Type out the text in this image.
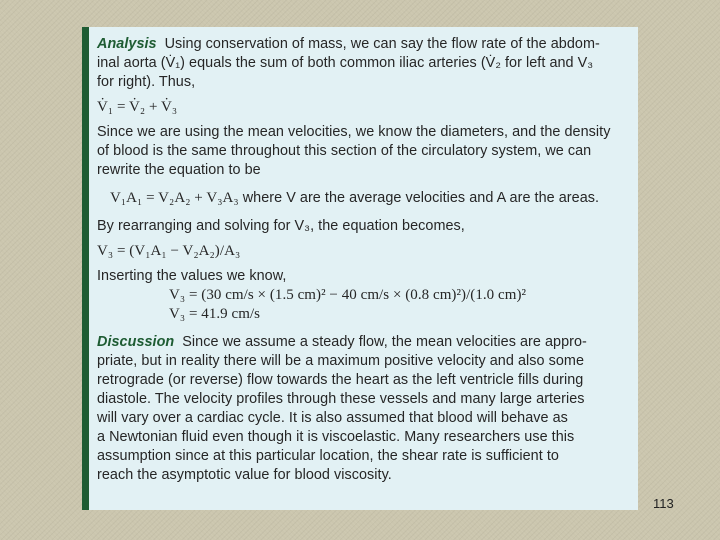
Analysis Using conservation of mass, we can say the flow rate of the abdom-

inal aorta (V̇₁) equals the sum of both common iliac arteries (V̇₂ for left and V₃

for right). Thus,

V̇₁ = V̇₂ + V̇₃

Since we are using the mean velocities, we know the diameters, and the density

of blood is the same throughout this section of the circulatory system, we can

rewrite the equation to be

V₁A₁ = V₂A₂ + V₃A₃ where V are the average velocities and A are the areas.

By rearranging and solving for V₃, the equation becomes,

V₃ = (V₁A₁ − V₂A₂)/A₃

Inserting the values we know,

V₃ = (30 cm/s × (1.5 cm)² − 40 cm/s × (0.8 cm)²)/(1.0 cm)²

V₃ = 41.9 cm/s

Discussion Since we assume a steady flow, the mean velocities are appro-

priate, but in reality there will be a maximum positive velocity and also some

retrograde (or reverse) flow towards the heart as the left ventricle fills during

diastole. The velocity profiles through these vessels and many large arteries

will vary over a cardiac cycle. It is also assumed that blood will behave as

a Newtonian fluid even though it is viscoelastic. Many researchers use this

assumption since at this particular location, the shear rate is sufficient to

reach the asymptotic value for blood viscosity.

113
